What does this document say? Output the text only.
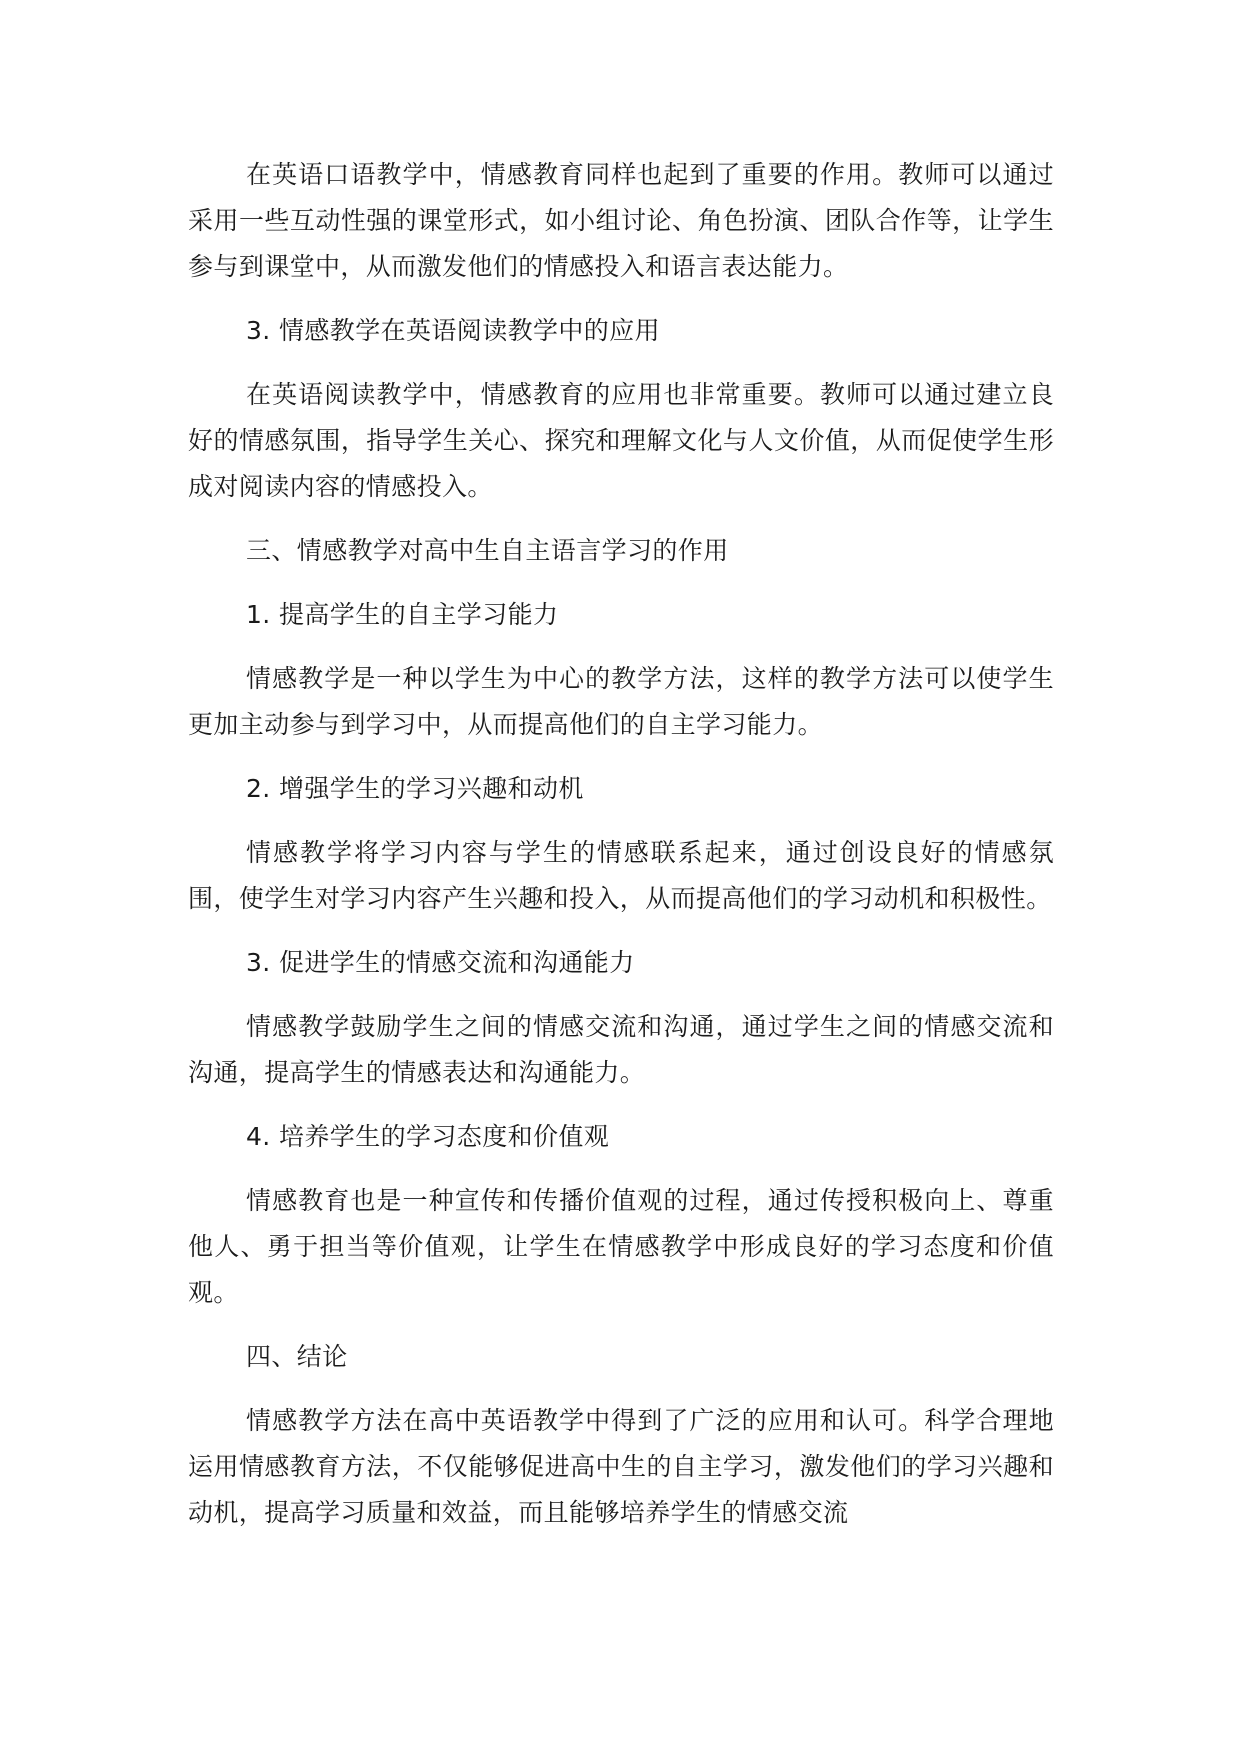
在英语口语教学中，情感教育同样也起到了重要的作用。教师可以通过采用一些互动性强的课堂形式，如小组讨论、角色扮演、团队合作等，让学生参与到课堂中，从而激发他们的情感投入和语言表达能力。

3. 情感教学在英语阅读教学中的应用

在英语阅读教学中，情感教育的应用也非常重要。教师可以通过建立良好的情感氛围，指导学生关心、探究和理解文化与人文价值，从而促使学生形成对阅读内容的情感投入。

三、情感教学对高中生自主语言学习的作用

1. 提高学生的自主学习能力

情感教学是一种以学生为中心的教学方法，这样的教学方法可以使学生更加主动参与到学习中，从而提高他们的自主学习能力。

2. 增强学生的学习兴趣和动机

情感教学将学习内容与学生的情感联系起来，通过创设良好的情感氛围，使学生对学习内容产生兴趣和投入，从而提高他们的学习动机和积极性。

3. 促进学生的情感交流和沟通能力

情感教学鼓励学生之间的情感交流和沟通，通过学生之间的情感交流和沟通，提高学生的情感表达和沟通能力。

4. 培养学生的学习态度和价值观

情感教育也是一种宣传和传播价值观的过程，通过传授积极向上、尊重他人、勇于担当等价值观，让学生在情感教学中形成良好的学习态度和价值观。

四、结论

情感教学方法在高中英语教学中得到了广泛的应用和认可。科学合理地运用情感教育方法，不仅能够促进高中生的自主学习，激发他们的学习兴趣和动机，提高学习质量和效益，而且能够培养学生的情感交流
